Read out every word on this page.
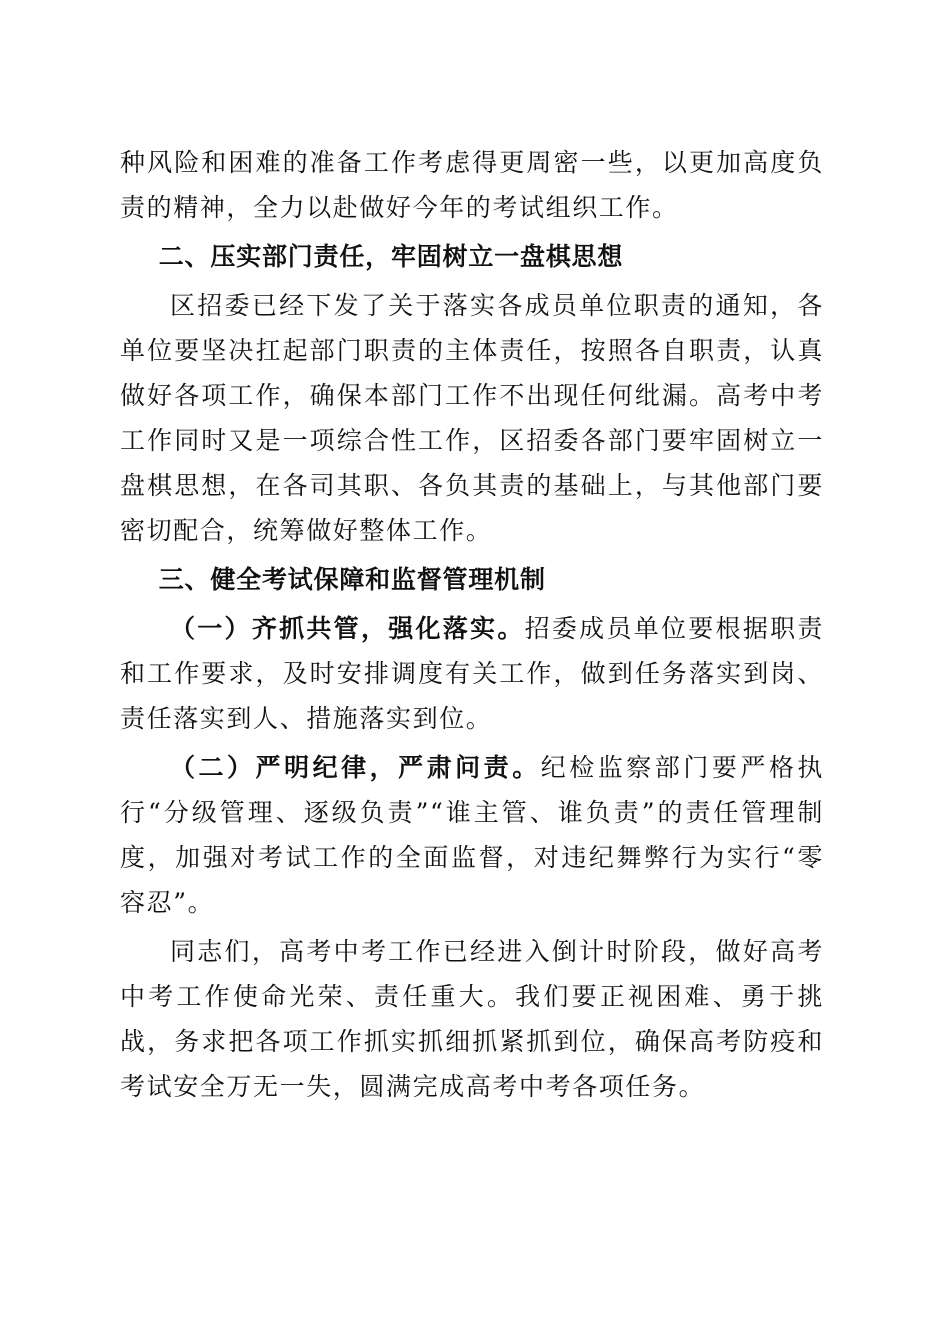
种风险和困难的准备工作考虑得更周密一些，以更加高度负责的精神，全力以赴做好今年的考试组织工作。

二、压实部门责任，牢固树立一盘棋思想

区招委已经下发了关于落实各成员单位职责的通知，各单位要坚决扛起部门职责的主体责任，按照各自职责，认真做好各项工作，确保本部门工作不出现任何纰漏。高考中考工作同时又是一项综合性工作，区招委各部门要牢固树立一盘棋思想，在各司其职、各负其责的基础上，与其他部门要密切配合，统筹做好整体工作。

三、健全考试保障和监督管理机制

（一）齐抓共管，强化落实。招委成员单位要根据职责和工作要求，及时安排调度有关工作，做到任务落实到岗、责任落实到人、措施落实到位。

（二）严明纪律，严肃问责。纪检监察部门要严格执行“分级管理、逐级负责”“谁主管、谁负责”的责任管理制度，加强对考试工作的全面监督，对违纪舞弊行为实行“零容忍”。

同志们，高考中考工作已经进入倒计时阶段，做好高考中考工作使命光荣、责任重大。我们要正视困难、勇于挑战，务求把各项工作抓实抓细抓紧抓到位，确保高考防疫和考试安全万无一失，圆满完成高考中考各项任务。
